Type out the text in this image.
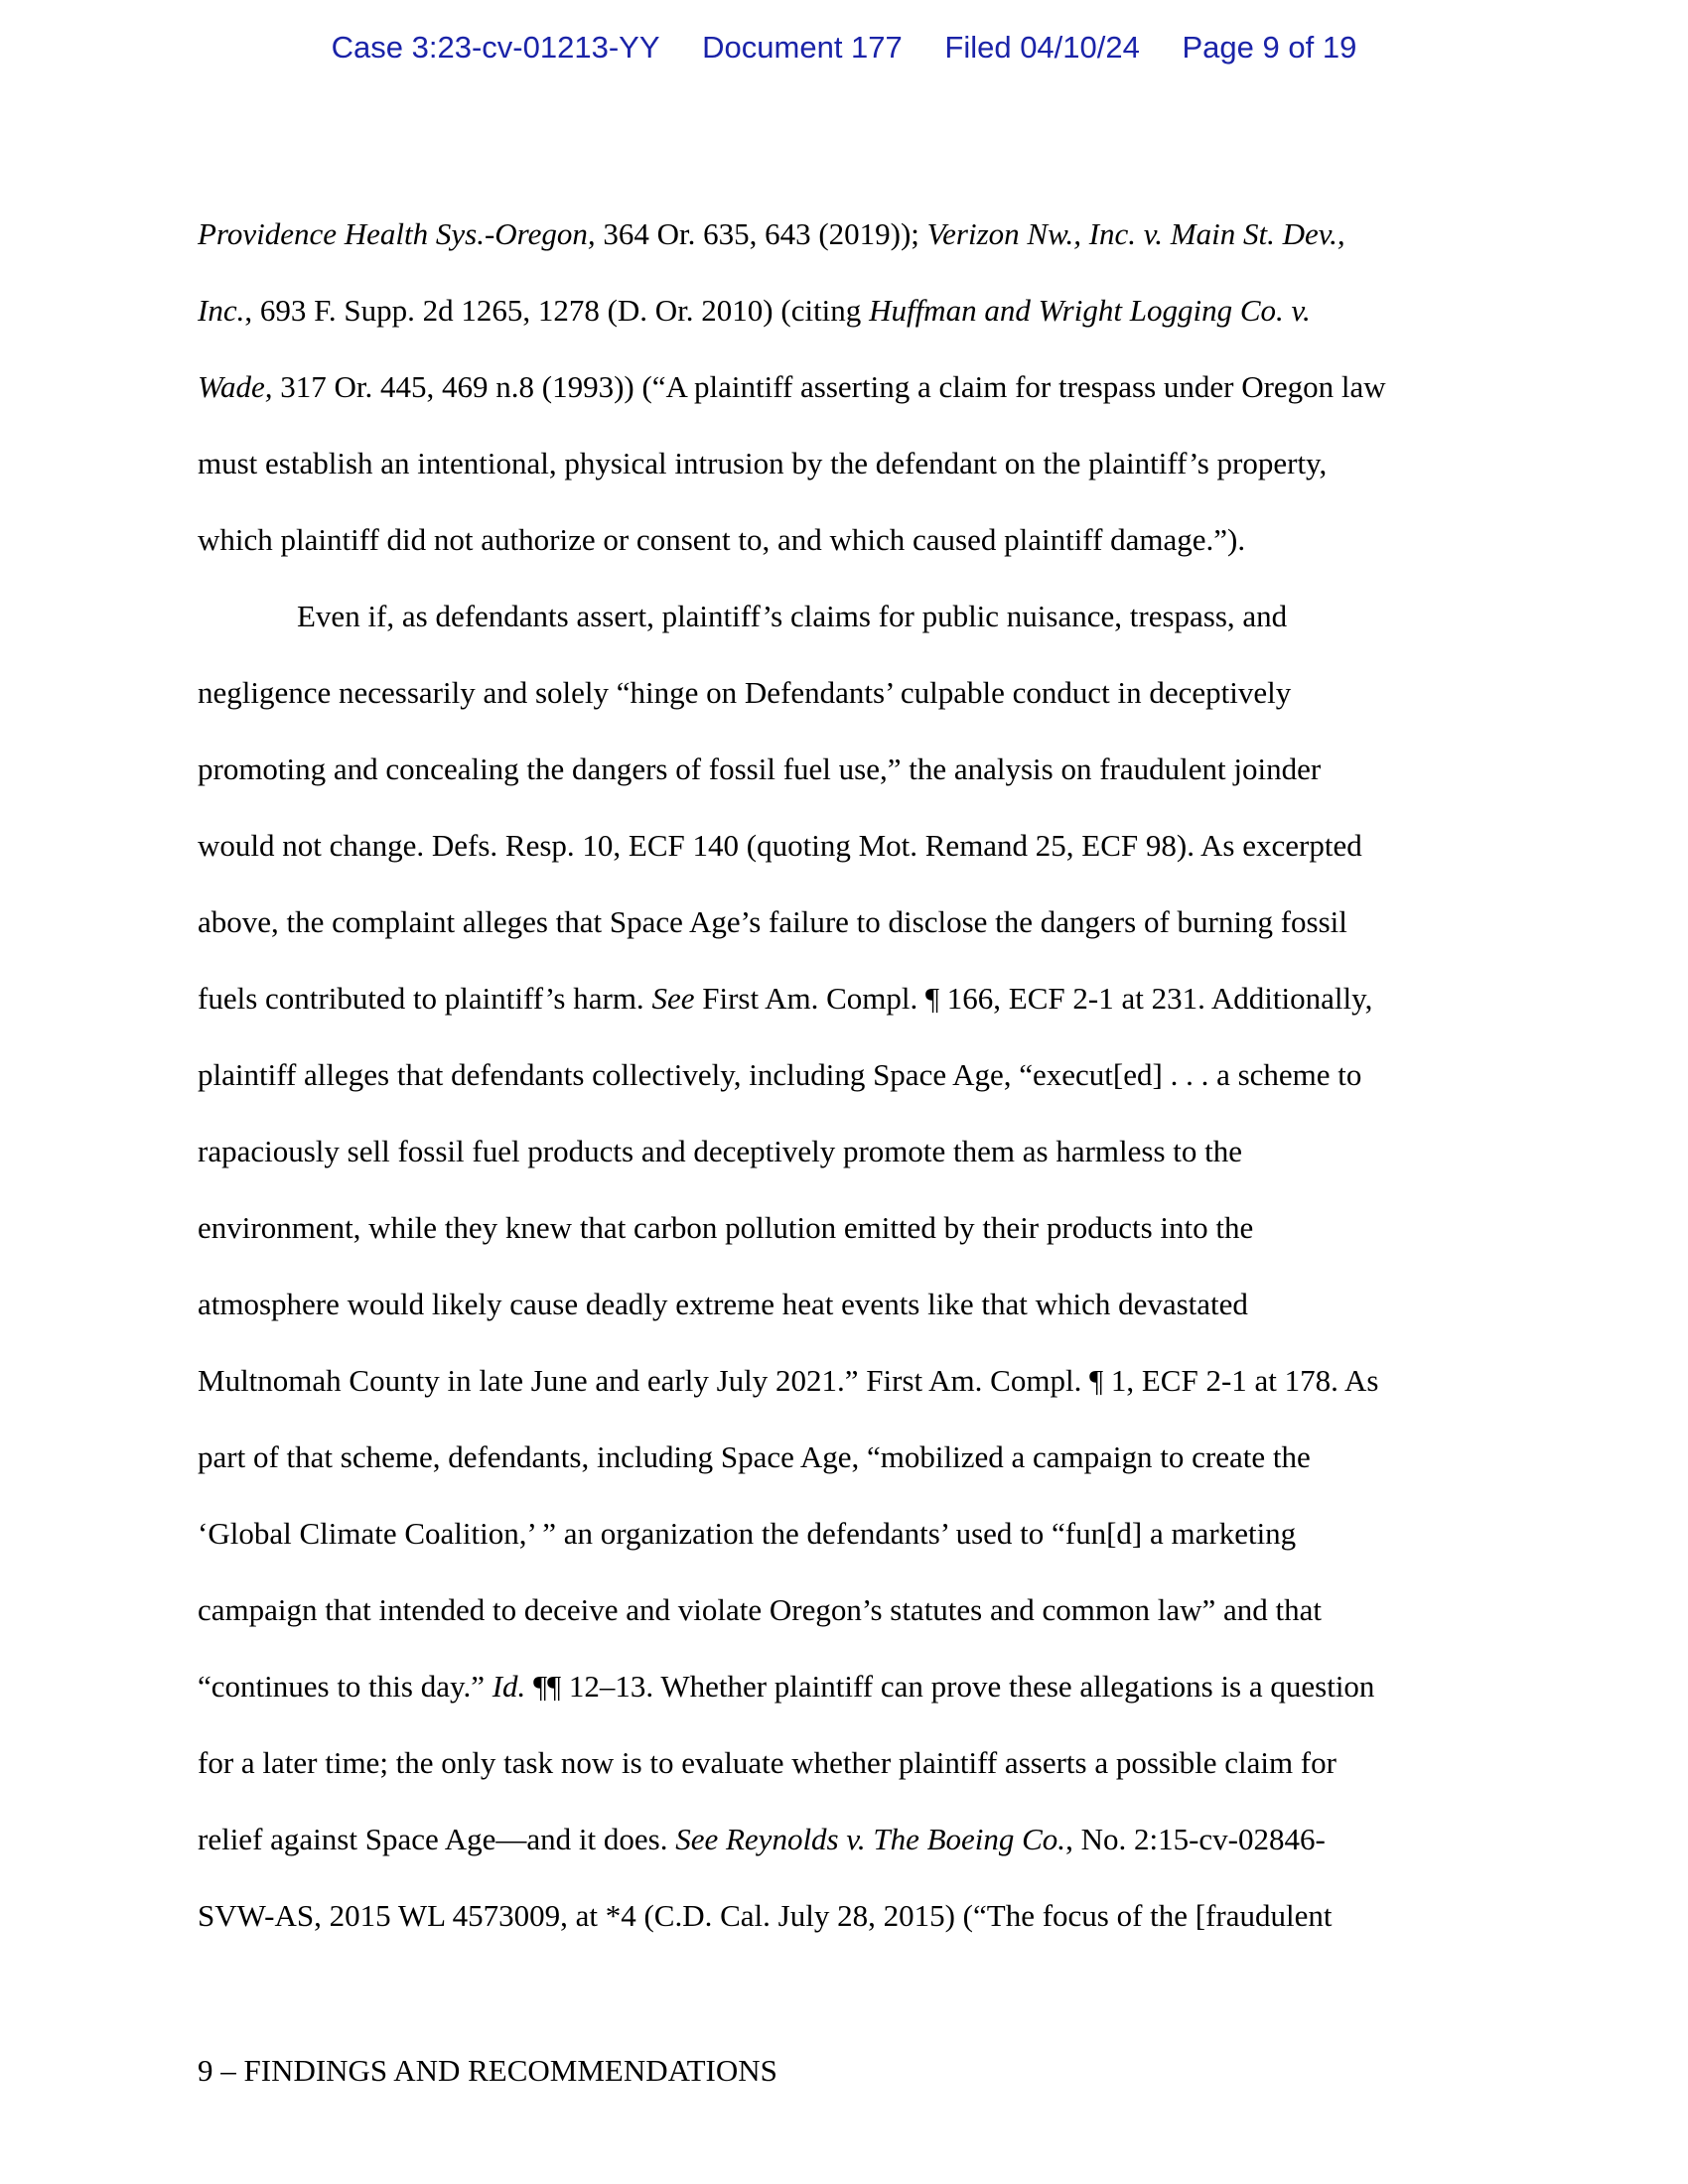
Case 3:23-cv-01213-YY Document 177 Filed 04/10/24 Page 9 of 19
Providence Health Sys.-Oregon, 364 Or. 635, 643 (2019)); Verizon Nw., Inc. v. Main St. Dev.,
Inc., 693 F. Supp. 2d 1265, 1278 (D. Or. 2010) (citing Huffman and Wright Logging Co. v.
Wade, 317 Or. 445, 469 n.8 (1993)) (“A plaintiff asserting a claim for trespass under Oregon law
must establish an intentional, physical intrusion by the defendant on the plaintiff’s property,
which plaintiff did not authorize or consent to, and which caused plaintiff damage.”).
Even if, as defendants assert, plaintiff’s claims for public nuisance, trespass, and
negligence necessarily and solely “hinge on Defendants’ culpable conduct in deceptively
promoting and concealing the dangers of fossil fuel use,” the analysis on fraudulent joinder
would not change. Defs. Resp. 10, ECF 140 (quoting Mot. Remand 25, ECF 98). As excerpted
above, the complaint alleges that Space Age’s failure to disclose the dangers of burning fossil
fuels contributed to plaintiff’s harm. See First Am. Compl. ¶ 166, ECF 2-1 at 231. Additionally,
plaintiff alleges that defendants collectively, including Space Age, “execut[ed] . . . a scheme to
rapaciously sell fossil fuel products and deceptively promote them as harmless to the
environment, while they knew that carbon pollution emitted by their products into the
atmosphere would likely cause deadly extreme heat events like that which devastated
Multnomah County in late June and early July 2021.” First Am. Compl. ¶ 1, ECF 2-1 at 178. As
part of that scheme, defendants, including Space Age, “mobilized a campaign to create the
‘Global Climate Coalition,’ ” an organization the defendants’ used to “fun[d] a marketing
campaign that intended to deceive and violate Oregon’s statutes and common law” and that
“continues to this day.” Id. ¶¶ 12–13. Whether plaintiff can prove these allegations is a question
for a later time; the only task now is to evaluate whether plaintiff asserts a possible claim for
relief against Space Age—and it does. See Reynolds v. The Boeing Co., No. 2:15-cv-02846-
SVW-AS, 2015 WL 4573009, at *4 (C.D. Cal. July 28, 2015) (“The focus of the [fraudulent
9 – FINDINGS AND RECOMMENDATIONS
